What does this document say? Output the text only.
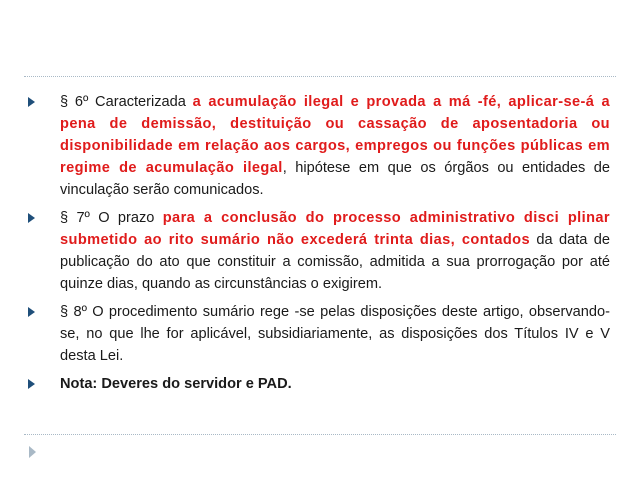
§ 6º Caracterizada a acumulação ilegal e provada a má -fé, aplicar-se-á a pena de demissão, destituição ou cassação de aposentadoria ou disponibilidade em relação aos cargos, empregos ou funções públicas em regime de acumulação ilegal, hipótese em que os órgãos ou entidades de vinculação serão comunicados.
§ 7º O prazo para a conclusão do processo administrativo disci plinar submetido ao rito sumário não excederá trinta dias, contados da data de publicação do ato que constituir a comissão, admitida a sua prorrogação por até quinze dias, quando as circunstâncias o exigirem.
§ 8º O procedimento sumário rege -se pelas disposições deste artigo, observando-se, no que lhe for aplicável, subsidiariamente, as disposições dos Títulos IV e V desta Lei.
Nota: Deveres do servidor e PAD.
